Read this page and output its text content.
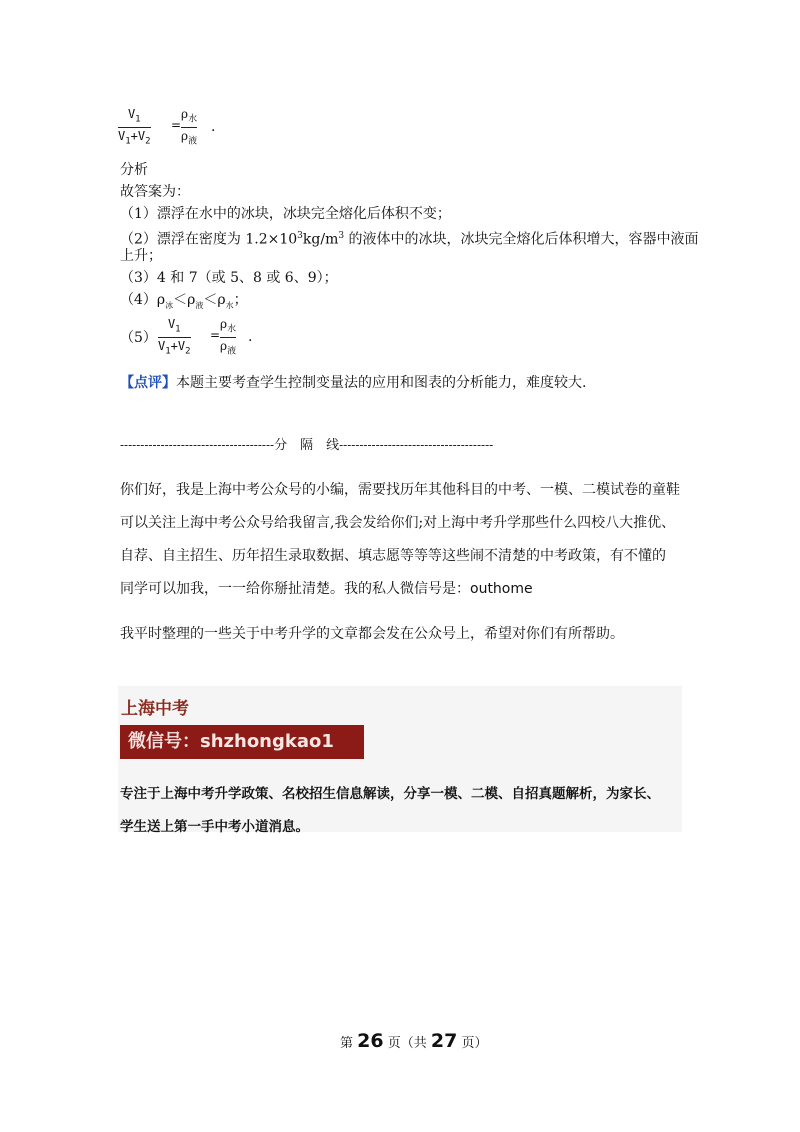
$\frac{V_1}{V_1+V_2}$ =
$\rho_水$
$\rho_液$
.
分析
故答案为：
（1）漂浮在水中的冰块，冰块完全熔化后体积不变；
（2）漂浮在密度为 $1.2\times 10^3kg/m^3$ 的液体中的冰块，冰块完全熔化后体积增大，容器中液面
上升；
（3）4 和 7（或 5、8 或 6、9）；
$(4)\rho_冰<\rho_液<\rho_水$；
$(5) \frac{V_1}{V_1+V_2}$ =
$\rho_水$
$\rho_液$
.
【点评】本题主要考查学生控制变量法的应用和图表的分析能力，难度较大.
--------------------------------------分　隔　线--------------------------------------
你们好，我是上海中考公众号的小编，需要找历年其他科目的中考、一模、二模试卷的童鞋
可以关注上海中考公众号给我留言,我会发给你们;对上海中考升学那些什么四校八大推优、
自荐、自主招生、历年招生录取数据、填志愿等等等这些闹不清楚的中考政策，有不懂的
同学可以加我，一一给你掰扯清楚。我的私人微信号是：outhome
我平时整理的一些关于中考升学的文章都会发在公众号上，希望对你们有所帮助。
上海中考
微信号：shzhongkao1
专注于上海中考升学政策、名校招生信息解读，分享一模、二模、自招真题解析，为家长、
学生送上第一手中考小道消息。
第 26 页（共 27 页）
